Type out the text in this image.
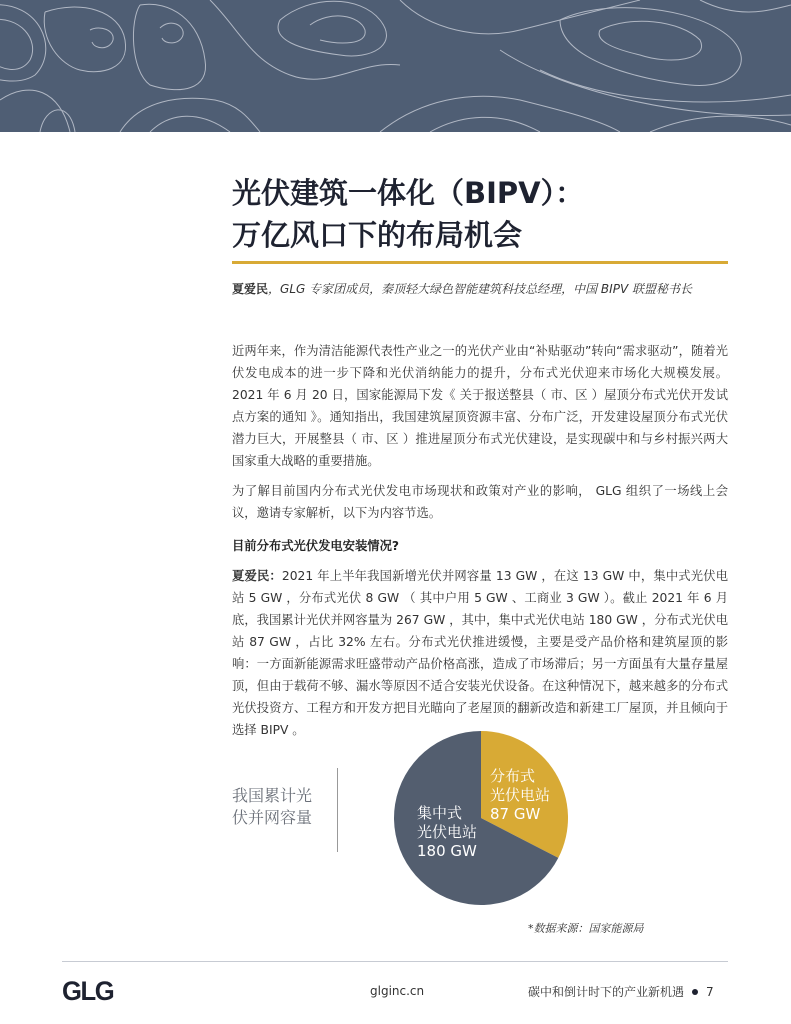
光伏建筑一体化（BIPV）：
万亿风口下的布局机会
夏爱民，GLG 专家团成员，秦顶轻大绿色智能建筑科技总经理，中国 BIPV 联盟秘书长

近两年来，作为清洁能源代表性产业之一的光伏产业由“补贴驱动”转向“需求驱动”，随着光伏发电成本的进一步下降和光伏消纳能力的提升，分布式光伏迎来市场化大规模发展。2021 年 6 月 20 日，国家能源局下发《 关于报送整县（ 市、区 ）屋顶分布式光伏开发试点方案的通知 》。通知指出，我国建筑屋顶资源丰富、分布广泛，开发建设屋顶分布式光伏潜力巨大，开展整县（ 市、区 ）推进屋顶分布式光伏建设，是实现碳中和与乡村振兴两大国家重大战略的重要措施。

为了解目前国内分布式光伏发电市场现状和政策对产业的影响， GLG 组织了一场线上会议，邀请专家解析，以下为内容节选。

目前分布式光伏发电安装情况?

夏爱民：2021 年上半年我国新增光伏并网容量 13 GW ，在这 13 GW 中，集中式光伏电站 5 GW ，分布式光伏 8 GW （ 其中户用 5 GW 、工商业 3 GW ）。截止 2021 年 6 月底，我国累计光伏并网容量为 267 GW ，其中，集中式光伏电站 180 GW ，分布式光伏电站 87 GW ，占比 32% 左右。分布式光伏推进缓慢，主要是受产品价格和建筑屋顶的影响：一方面新能源需求旺盛带动产品价格高涨，造成了市场滞后；另一方面虽有大量存量屋顶，但由于载荷不够、漏水等原因不适合安装光伏设备。在这种情况下，越来越多的分布式光伏投资方、工程方和开发方把目光瞄向了老屋顶的翻新改造和新建工厂屋顶，并且倾向于选择 BIPV 。

我国累计光伏并网容量
分布式
光伏电站
87 GW
集中式
光伏电站
180 GW
*数据来源：国家能源局
GLG	glginc.cn	碳中和倒计时下的产业新机遇 7
